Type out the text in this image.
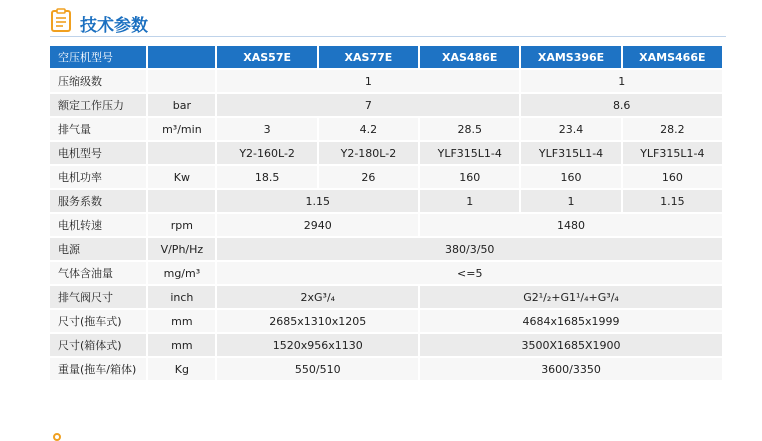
技术参数
空压机型号		XAS57E	XAS77E	XAS486E	XAMS396E	XAMS466E
压缩级数		1			1	
额定工作压力	bar	7			8.6	
排气量	m³/min	3	4.2	28.5	23.4	28.2
电机型号		Y2-160L-2	Y2-180L-2	YLF315L1-4	YLF315L1-4	YLF315L1-4
电机功率	Kw	18.5	26	160	160	160
服务系数		1.15		1	1	1.15
电机转速	rpm	2940		1480		
电源	V/Ph/Hz	380/3/50				
气体含油量	mg/m³	<=5				
排气阀尺寸	inch	2xG³/₄		G2¹/₂+G1¹/₄+G³/₄		
尺寸(拖车式)	mm	2685x1310x1205		4684x1685x1999		
尺寸(箱体式)	mm	1520x956x1130		3500X1685X1900		
重量(拖车/箱体)	Kg	550/510		3600/3350		
